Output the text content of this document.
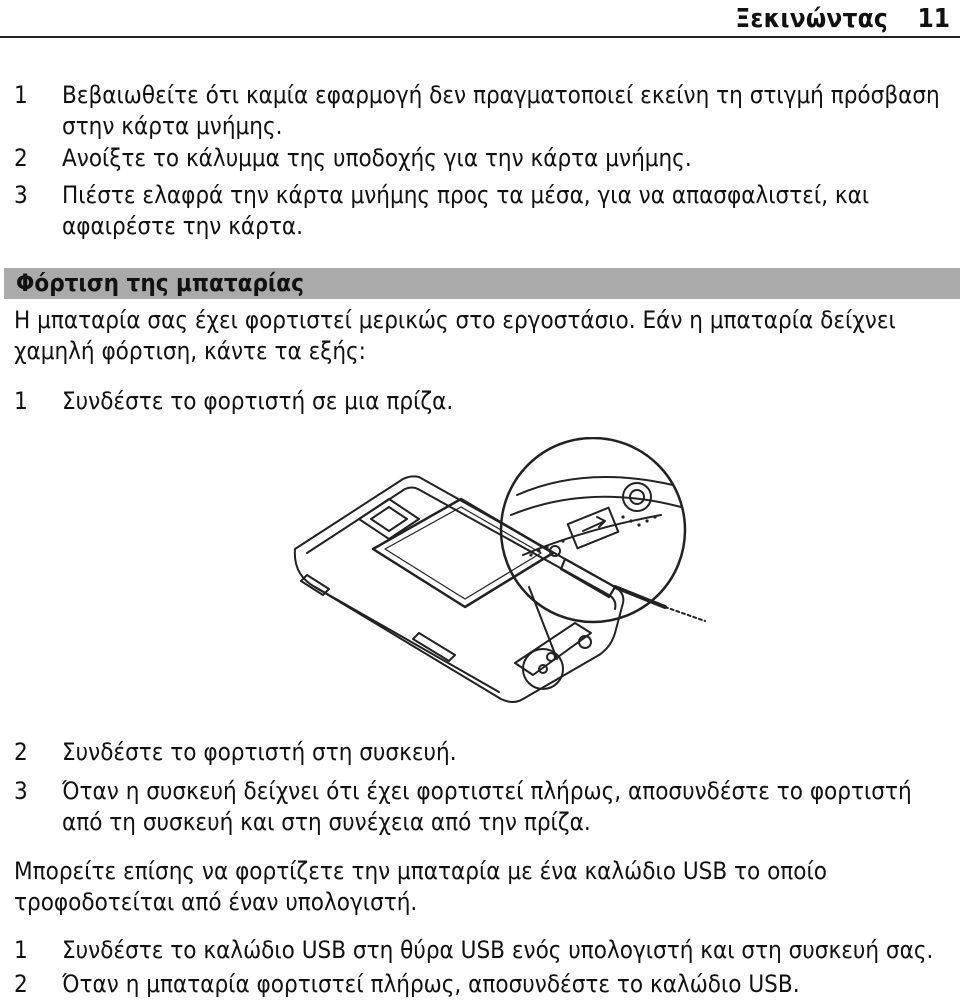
Ξεκινώντας 11
1 Βεβαιωθείτε ότι καμία εφαρμογή δεν πραγματοποιεί εκείνη τη στιγμή πρόσβαση στην κάρτα μνήμης.
2 Ανοίξτε το κάλυμμα της υποδοχής για την κάρτα μνήμης.
3 Πιέστε ελαφρά την κάρτα μνήμης προς τα μέσα, για να απασφαλιστεί, και αφαιρέστε την κάρτα.
Φόρτιση της μπαταρίας
Η μπαταρία σας έχει φορτιστεί μερικώς στο εργοστάσιο. Εάν η μπαταρία δείχνει χαμηλή φόρτιση, κάντε τα εξής:
1 Συνδέστε το φορτιστή σε μια πρίζα.
2 Συνδέστε το φορτιστή στη συσκευή.
3 Όταν η συσκευή δείχνει ότι έχει φορτιστεί πλήρως, αποσυνδέστε το φορτιστή από τη συσκευή και στη συνέχεια από την πρίζα.
Μπορείτε επίσης να φορτίζετε την μπαταρία με ένα καλώδιο USB το οποίο τροφοδοτείται από έναν υπολογιστή.
1 Συνδέστε το καλώδιο USB στη θύρα USB ενός υπολογιστή και στη συσκευή σας.
2 Όταν η μπαταρία φορτιστεί πλήρως, αποσυνδέστε το καλώδιο USB.
